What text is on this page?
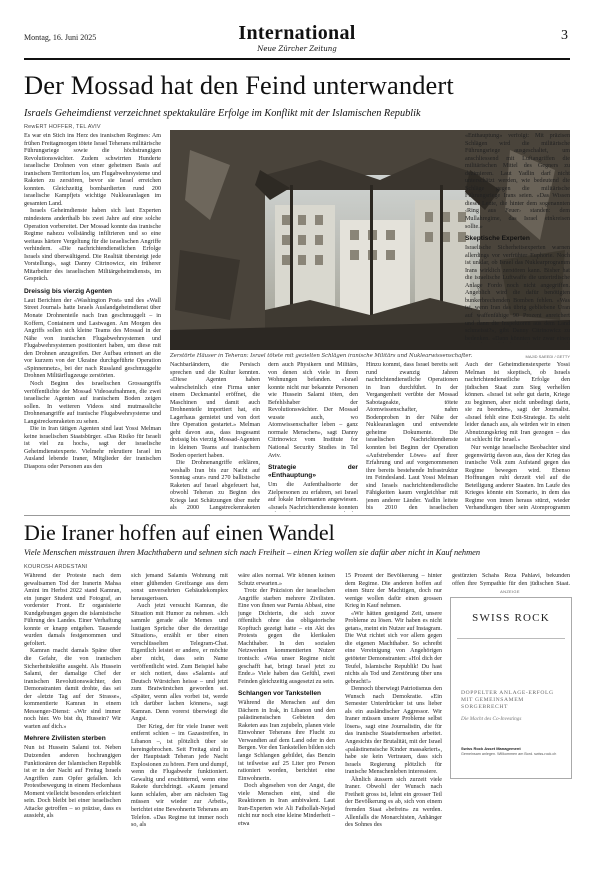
Montag, 16. Juni 2025	International
Neue Zürcher Zeitung
3
Der Mossad hat den Feind unterwandert
Israels Geheimdienst verzeichnet spektakuläre Erfolge im Konflikt mit der Islamischen Republik
RewERT HOFFER, TEL AVIV

Es war ein Stich ins Herz des iranischen Regimes: Am frühen Freitagmorgen tötete Israel Teherans militärische Führungsriege sowie die höchstrangigen Revolutionswächter. Zudem schwirrten Hunderte israelische Drohnen von einer geheimen Basis auf iranischem Territorium los, um Flugabwehrsysteme und Raketen zu zerstören, bevor sie Israel erreichen konnten. Gleichzeitig bombardierten rund 200 israelische Kampfjets wichtige Nuklearanlagen im gesamten Land.

Israels Geheimdienste haben sich laut Experten mindestens anderthalb bis zwei Jahre auf eine solche Operation vorbereitet. Der Mossad konnte das iranische Regime nahezu vollständig infiltrieren und so eine weitaus härtere Vergeltung für die israelischen Angriffe verhindern. «Die nachrichtendienstlichen Erfolge Israels sind überwältigend. Die Realität übersteigt jede Vorstellung», sagt Danny Citrinowicz, ein früherer Mitarbeiter des israelischen Militärgeheimdiensts, im Gespräch.

Dreissig bis vierzig Agenten

Laut Berichten der «Washington Post» und des «Wall Street Journal» hatte Israels Auslandgeheimdienst über Monate Drohnenteile nach Iran geschmuggelt – in Koffern, Containern und Lastwagen. Am Morgen des Angriffs sollen sich kleine Teams des Mossad in der Nähe von iranischen Flugabwehrsystemen und Flugabwehrsystemen positioniert haben, um diese mit den Drohnen anzugreifen. Der Aufbau erinnert an die vor kurzem von der Ukraine durchgeführte Operation «Spinnennetz», bei der nach Russland geschmuggelte Drohnen Militärflugzeuge zerstörten.

Noch Beginn des israelischen Grossangriffs veröffentlichte der Mossad Videoaufnahmen, die zwei israelische Agenten auf iranischem Boden zeigen sollen. In weiteren Videos sind mutmassliche Drohnenangriffe auf iranische Flugabwehrsysteme und Langstreckenraketen zu sehen.

Die in Iran tätigen Agenten sind laut Yossi Melman keine israelischen Staatsbürger. «Das Risiko für Israeli ist viel zu hoch», sagt der israelische Geheimdienstexperte. Vielmehr rekrutiere Israel im Ausland lebende Iraner, Mitglieder der iranischen Diaspora oder Personen aus den

Zerstörte Häuser in Teheran: Israel tötete mit gezielten Schlägen iranische Militärs und Nuklearwissenschafter.	MAJID SAEEDI / GETTY

«Enthauptung» verfolgt: Mit präzisen Schlägen wird die militärische Führungsriege ausgeschaltet, um anschliessend mit Luftangriffen die militärischen Mittel des Gegners zu dezimieren. Laut Yadlin darf nicht unterschätzt werden, wie bedeutend die Schläge gegen die militärische Führungsriege Irans seien. «Das Wissen dieser Leute, die hinter dem sogenannten ‹Ring aus Feuer› standen: dem Mullahregime, das Israel einkreisen sollte.»

Skeptische Experten

Israelische Sicherheitsexperten warnen allerdings vor verfrühter Euphorie. Noch ist unklar, ob Israel das Nuklearprogramm Irans wirklich zerstören kann. Bisher hat die israelische Luftwaffe die unterirdische Anlage Fordo noch nicht angegriffen. Angeblich wird die dafür benötigten bunkerbrechenden Bomben fehlen. «Was ist, wenn Iran das übrig gebliebene Uran auf waffenfähige 90 Prozent anreichert und dann die Inspektoren aus dem Land schmeisst?», gibt Danny Citrinowicz zu bedenken. «Dann könnten wir zwar einen

Auch der Geheimdienstexperte Yossi Melman ist skeptisch, ob Israels nachrichtendienstliche Erfolge den jüdischen Staat zum Sieg verhelfen können. «Israel ist sehr gut darin, Kriege zu beginnen, aber nicht unbedingt darin, sie zu beenden», sagt der Journalist. «Israel fehlt eine Exit-Strategie. Es sieht leider danach aus, als würden wir in einen Abnutzungskrieg mit Iran gezogen – das ist schlecht für Israel.»

Nur wenige israelische Beobachter sind gegenwärtig davon aus, dass der Krieg das iranische Volk zum Aufstand gegen das Regime bewegen wird. Ebenso Hoffnungen ruht derzeit viel auf die Beteiligung anderer Staaten. Im Laufe des Krieges könnte ein Szenario, in dem das Regime von innen heraus stürzt, wieder Verhandlungen über sein Atomprogramm

Nachbarländern, die Persisch sprechen und die Kultur kennten. «Diese Agenten haben wahrscheinlich eine Firma unter einem Deckmantel eröffnet, die Maschinen und damit auch Drohnenteile importiert hat, ein Lagerhaus gemietet und von dort ihre Operation gestartet.» Melman geht davon aus, dass insgesamt dreissig bis vierzig Mossad-Agenten in kleinen Teams auf iranischem Boden operiert haben.

Die Drohnenangriffe erklären, weshalb Iran bis zur Nacht auf Sonntag «nur» rund 270 ballistische Raketen auf Israel abgefeuert hat, obwohl Teheran zu Beginn des Kriegs laut Schätzungen über mehr als 2000 Langstreckenraketen

dern auch Physikern und Militärs, von denen sich viele in ihren Wohnungen befanden. «Israel konnte nicht nur bekannte Personen wie Hussein Salami töten, den Befehlshaber der Revolutionswächter. Der Mossad wusste auch, wo Atomwissenschafter leben – ganz normale Menschen», sagt Danny Citrinowicz vom Institute for National Security Studies in Tel Aviv.

Strategie der «Enthauptung»

Um die Aufenthaltsorte der Zielpersonen zu erfahren, sei Israel auf lokale Informanten angewiesen. «Israels Nachrichtendienste konnten

Hinzu kommt, dass Israel bereits seit rund zwanzig Jahren nachrichtendienstliche Operationen in Iran durchführt. In der Vergangenheit verübte der Mossad Sabotageakte, tötete Atomwissenschafter, nahm Bodenproben in der Nähe der Nuklearanlagen und entwendete geheime Dokumente. Die israelischen Nachrichtendienste konnten bei Beginn der Operation «Aufstrebender Löwe» auf ihrer Erfahrung und auf vorgenommenen ihre bereits bestehende Infrastruktur im Feindesland. Laut Yossi Melman sind Israels nachrichtendienstliche Fähigkeiten kaum vergleichbar mit jenen anderer Länder. Yadlin leitete bis 2010 den israelischen

Die Iraner hoffen auf einen Wandel
Viele Menschen misstrauen ihren Machthabern und sehnen sich nach Freiheit – einen Krieg wollen sie dafür aber nicht in Kauf nehmen
KOUROSH ARDESTANI

Während der Proteste nach dem gewaltsamen Tod der Iranerin Mahsa Amini im Herbst 2022 stand Kamran, ein junger Student und Fotograf, an vorderster Front. Er organisierte Kundgebungen gegen die islamistische Führung des Landes. Einer Verhaftung konnte er knapp entgehen. Tausende wurden damals festgenommen und gefoltert.

Kamran macht damals Späne über die Gefahr, die von iranischen Sicherheitskräfte ausgeht. Als Hussein Salami, der damalige Chef der iranischen Revolutionswächter, den Demonstranten damit drohte, das sei der «letzte Tag auf der Strasse», kommentierte Kamran in einem Messenger-Dienst: «Wir sind immer noch hier. Wo bist du, Hussein? Wir warten auf dich.»

Mehrere Zivilisten sterben

Nun ist Hussein Salami tot. Neben Dutzenden anderen hochrangigen Funktionären der Islamischen Republik ist er in der Nacht auf Freitag Israels Angriffen zum Opfer gefallen. Ich Protestbewegung in einem Heckenhaus Moment vielleicht besonders erleichtert sein. Doch bleibt bei einer israelischen Attacke getroffen – so präzise, dass es aussieht, als

sich jemand Salamis Wohnung mit einer glühenden Greifzange aus dem sonst unversehrten Gebäudekomplex herausgerissen.

Auch jetzt versucht Kamran, die Situation mit Humor zu nehmen. «Ich sammle gerade alle Memes und lustigen Sprüche über die derzeitige Situation», erzählt er über einen verschlüsselten Telegram-Chat. Eigentlich leistet er andere, er möchte aber nicht, dass sein Name veröffentlicht wird. Zum Beispiel habe er sich notiert, dass «Salami» auf Deutsch Würstchen heisse – und jetzt zum Bratwürstchen geworden sei. «Später, wenn alles vorbei ist, werde ich darüber lachen können», sagt Kamran. Denn vorerst überwiegt die Angst.

Der Krieg, der für viele Iraner weit entfernt schien – im Gazastreifen, in Libanon –, ist plötzlich über sie hereingebrochen. Seit Freitag sind in der Hauptstadt Teheran jede Nacht Explosionen zu hören. Fern und dumpf, wenn die Flugabwehr funktioniert. Gewaltig und erschütternd, wenn eine Rakete durchdringt. «Kaum jemand kann schlafen, aber am nächsten Tag müssen wir wieder zur Arbeit», berichtet eine Bewohnerin Teherans am Telefon. «Das Regime tut immer noch so, als

wäre alles normal. Wir können keinen Schutz erwarten.»

Trotz der Präzision der israelischen Angriffe starben mehrere Zivilisten. Eine von ihnen war Parnia Abbasi, eine junge Dichterin, die sich zuvor öffentlich ohne das obligatorische Kopftuch gezeigt hatte – ein Akt des Protests gegen die klerikalen Machthaber. In den sozialen Netzwerken kommentierten Nutzer ironisch: «Was unser Regime nicht geschafft hat, bringt Israel jetzt zu Ende.» Viele haben das Gefühl, zwei Feinden gleichzeitig ausgesetzt zu sein.

Schlangen vor Tankstellen

Während die Menschen auf den Dächern in Irak, in Libanon und den palästinensischen Gebieten den Raketen aus Iran zujubeln, planen viele Einwohner Teherans ihre Flucht zu Verwandten auf dem Land oder in den Bergen. Vor den Tankstellen bilden sich lange Schlangen gebildet, das Benzin ist teilweise auf 25 Liter pro Person rationiert worden, berichtet eine Einwohnerin.

Doch abgesehen von der Angst, die viele Menschen eint, sind die Reaktionen in Iran ambivalent. Laut Iran-Experten wie Ali Fathollah-Nejad nicht nur noch eine kleine Minderheit – etwa

15 Prozent der Bevölkerung – hinter dem Regime. Die anderen hoffen auf einen Sturz der Machtigen, doch nur wenige wollen dafür einen grossen Krieg in Kauf nehmen.

«Wir hätten genügend Zeit, unsere Probleme zu lösen. Wir haben es nicht getan», meint ein Nutzer auf Instagram. Die Wut richtet sich vor allem gegen die eigenen Machthaber. So schreibt eine Vereinigung von Angehörigen getöteter Demonstranten: «Hol dich der Teufel, Islamische Republik! Du hast nichts als Tod und Zerstörung über uns gebracht!»

Dennoch überwiegt Patriotismus den Wunsch nach Demokratie. «Ein Semester Unterdrücker ist uns lieber als ein ausländischer Aggressor. Wir Iraner müssen unsere Probleme selbst lösen», sagt eine Journalistin, die für das iranische Staatsfernsehen arbeitet. Angesichts der Brutalität, mit der Israel «palästinensische Kinder massakriert», habe sie kein Vertrauen, dass sich Israels Regierung plötzlich für iranische Menschenleben interessiere.

Ähnlich äussern sich zurzeit viele Iraner. Obwohl der Wunsch nach Freiheit gross ist, lehnt ein grosser Teil der Bevölkerung es ab, sich von einem fremden Staat «befrein» zu werden. Allenfalls die Monarchisten, Anhänger des Sohnes des

gestürzten Schahs Reza Pahlavi, bekunden offen ihre Sympathie für den jüdischen Staat.

ANZEIGE
SWISS ROCK
DOPPELTER ANLAGE-ERFOLG MIT GEMEINSAMEM SORGEBRECHT
Die Macht des Co-Investings
Swiss Rock Asset Management
Gemeinsam anlegen. Willkommen am Bord. swiss-rock.ch
